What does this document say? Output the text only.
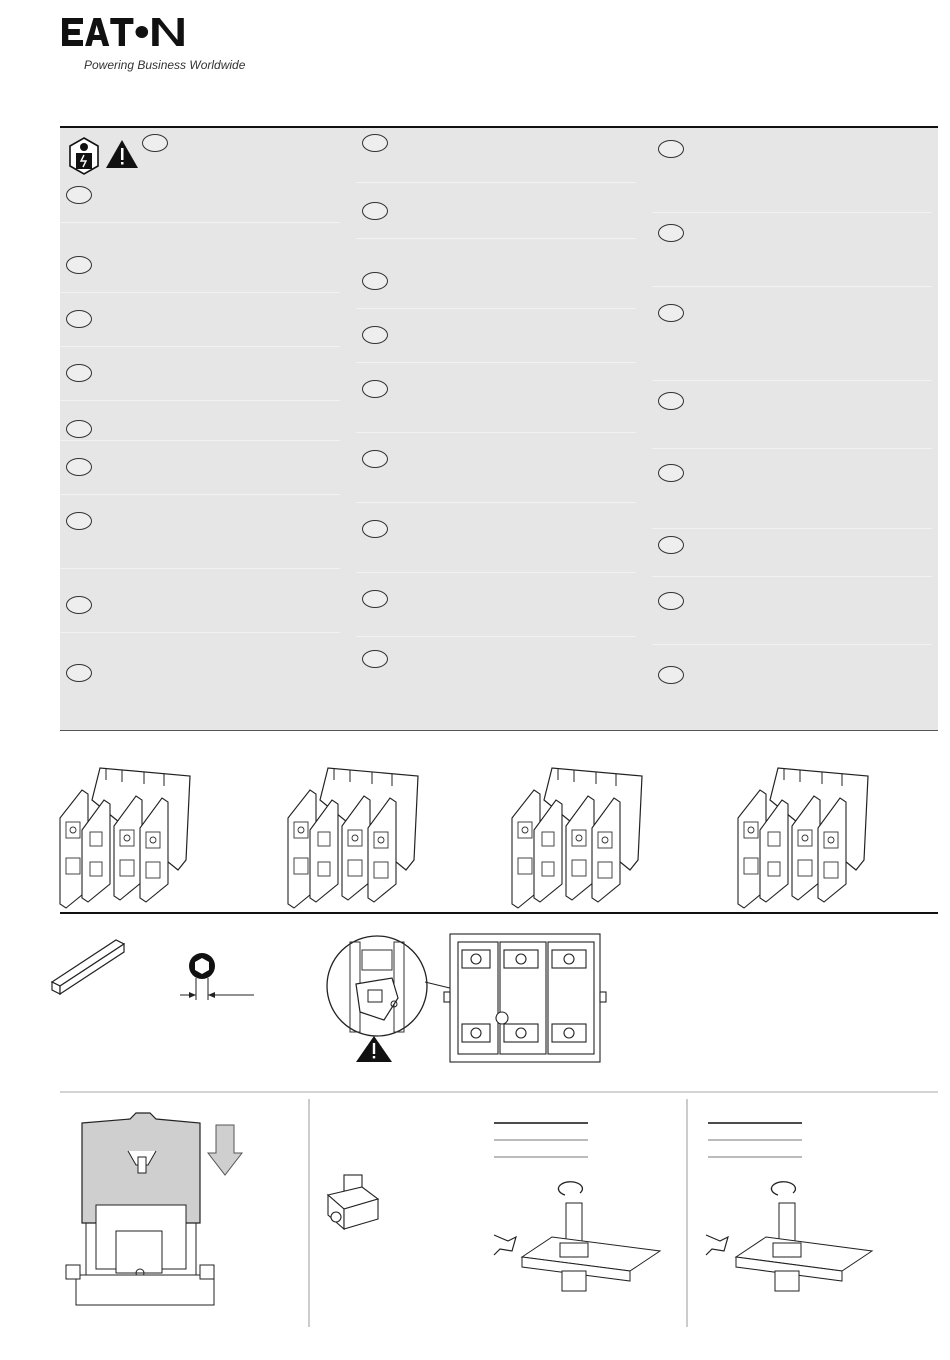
Powering Business Worldwide
